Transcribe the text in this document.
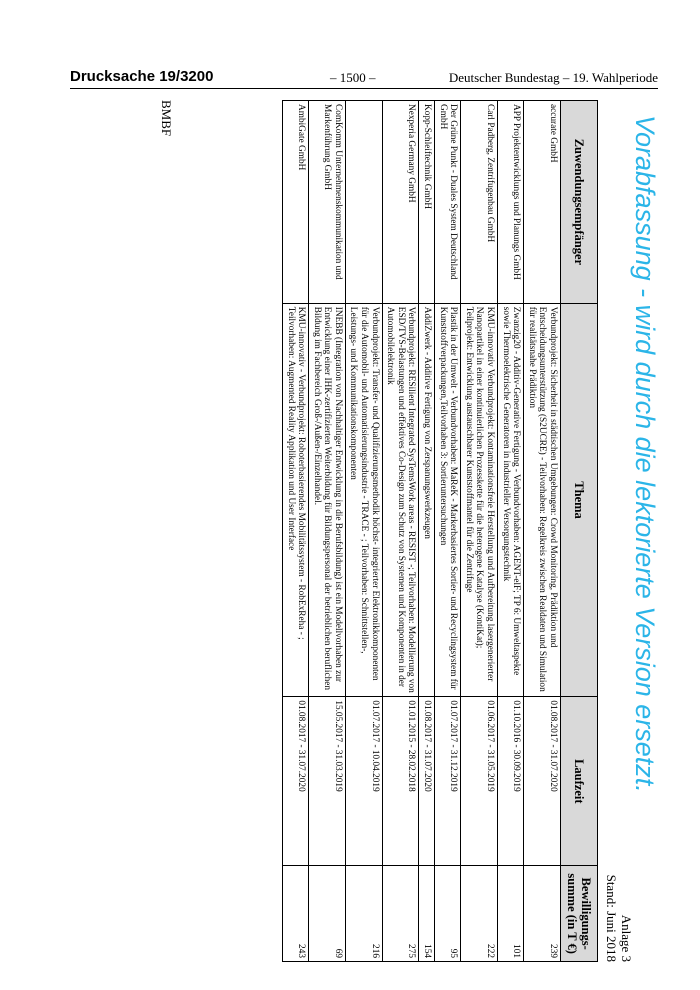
Drucksache 19/3200	– 1500 –	Deutscher Bundestag – 19. Wahlperiode
Vorabfassung - wird durch die lektorierte Version ersetzt.
Anlage 3
Stand: Juni 2018
Zuwendungsempfänger	Thema	Laufzeit	Bewilligungs-summe (in T €)
accurate GmbH	Verbundprojekt: Sicherheit in städtischen Umgebungen: Crowd Monitoring, Prädiktion und Entscheidungsunterstützung (S2UCRE) - Teilvorhaben: Regelkreis zwischen Realdaten und Simulation für realitätsnahe Prädiktion	01.08.2017 - 31.07.2020	239
APP Projektentwicklungs und Planungs GmbH	Zwanzig20 - Additiv-Generative Fertigung - Verbundvorhaben: AGENT-elF; TP 6: Umweltaspekte sowie Thermoelektrische Generatoren in industrieller Versorgungstechnik	01.10.2016 - 30.09.2019	101
Carl Padberg, Zentrifugenbau GmbH	KMU-innovativ Verbundprojekt: Kontaminationsfreie Herstellung und Aufbereitung lasergenerierter Nanopartikel in einer kontinuierlichen Prozesskette für die heterogene Katalyse (KontiKat); Teilprojekt: Entwicklung austauschbarer Kunststoffmantel für die Zentrifuge	01.06.2017 - 31.05.2019	222
Der Grüne Punkt - Duales System Deutschland GmbH	Plastik in der Umwelt - Verbundvorhaben: MaReK - Markerbasiertes Sortier- und Recyclingsystem für Kunststoffverpackungen,Teilvorhaben 3: Sortieruntersuchungen	01.07.2017 - 31.12.2019	95
Kopp-Schleiftechnik GmbH	AddiZwerk - Additive Fertigung von Zerspanungswerkzeugen	01.08.2017 - 31.07.2020	154
Nexperia Germany GmbH	Verbundprojekt: RESilient Integrated SysTemsWork areas - RESIST -; Teilvorhaben: Modellierung von ESD/TVS-Belastungen und effektives Co-Design zum Schutz von Systemen und Komponenten in der Automobilelektronik	01.01.2015 - 28.02.2018	275
	Verbundprojekt: Transfer- und Qualifizierungsmethodik höchst- integrierter Elektronikkomponenten für die Automobil- und Automatisierungsindustrie - TRACE - ; Teilvorhaben: Schnittstellen-, Leistungs- und Kommunikationskomponenten	01.07.2017 - 10.04.2019	216
ComKomm Unternehmenskommunikation und Markenführung GmbH	INEBB (Integration von Nachhaltiger Entwicklung in die Berufsbildung) ist ein Modellvorhaben zur Entwicklung einer IHK-zertifizierten Weiterbildung für Bildungspersonal der betrieblichen beruflichen Bildung im Fachbereich Groß-/Außen-/Einzelhandel.	15.05.2017 - 31.03.2019	69
AmbiGate GmbH	KMU-innovativ - Verbundprojekt: Roboterbasierendes Mobilitätssystem - RobExReha - ; Teilvorhaben: Augmented Reality Applikation und User Interface	01.08.2017 - 31.07.2020	243
BMBF
